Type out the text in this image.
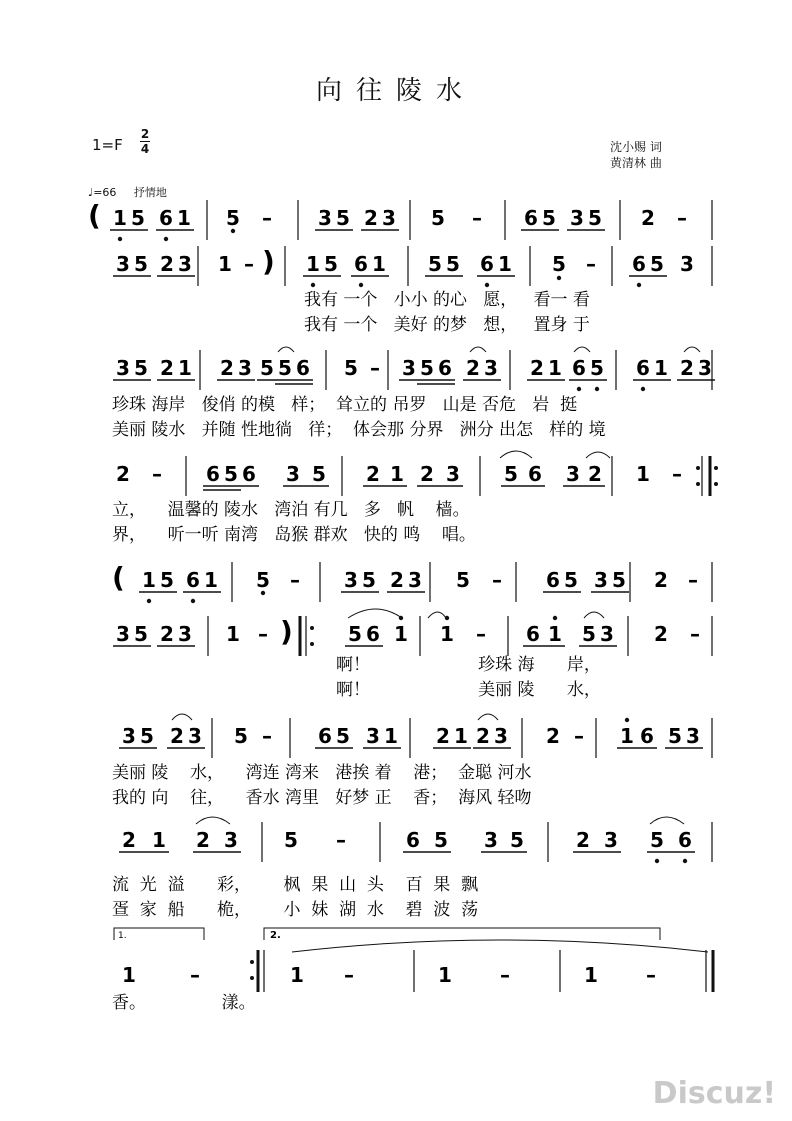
向往陵水
1=F
2
4	沈小赐 词
黄清林 曲
♩=66 抒情地
1.	2.
( 1 5 6 1 5 – 3 5 2 3 5 – 6 5 3 5 2 –
3 5 2 3 1 – ) 1 5 6 1 5 5 6 1 5 – 6 5 3
3 5 2 1 2 3 5 5 6 5 – 3 5 6 2 3 2 1 6 5 6 1 2 3
2 – 6 5 6 3 5 2 1 2 3 5 6 3 2 1 –
( 1 5 6 1 5 – 3 5 2 3 5 – 6 5 3 5 2 –
3 5 2 3 1 – )	5 6 1 1 – 6 1 5 3 2 –
3 5 2 3 5 – 6 5 3 1 2 1 2 3 2 – 1 6 5 3
2 1 2 3 5 –	6 5 3 5	2 3 5 6
1	–	1 –	1 –	1 –
我有 一个   小小 的心   愿，   看一 看
我有 一个   美好 的梦   想，   置身 于
珍珠 海岸   俊俏 的模   样；  耸立的 吊罗   山是 否危   岩  挺
美丽 陵水   并随 性地徜   徉；  体会那 分界   洲分 出怎   样的 境
立，    温馨的 陵水   湾泊 有几   多   帆    樯。
界，    听一听 南湾   岛猴 群欢   快的 鸣    唱。
啊！                    珍珠 海      岸，
啊！                    美丽 陵      水，
美丽 陵    水，    湾连 湾来   港挨 着    港；  金聪 河水
我的 向    往，    香水 湾里   好梦 正    香；  海风 轻吻
流  光  溢      彩，      枫  果  山  头    百  果  飘
疍  家  船      桅，      小  妹  湖  水    碧  波  荡
香。              漾。
Discuz!
